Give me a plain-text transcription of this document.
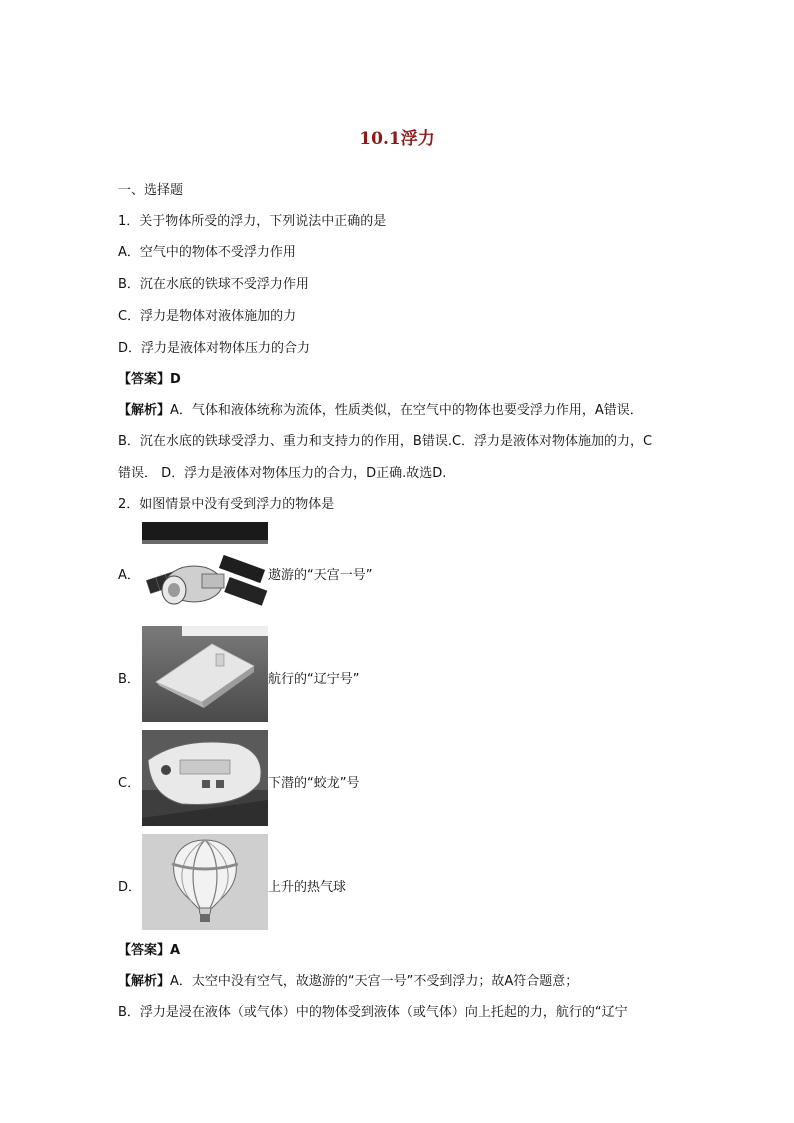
10.1浮力
一、选择题
1．关于物体所受的浮力，下列说法中正确的是
A．空气中的物体不受浮力作用
B．沉在水底的铁球不受浮力作用
C．浮力是物体对液体施加的力
D．浮力是液体对物体压力的合力
【答案】D
【解析】A．气体和液体统称为流体，性质类似，在空气中的物体也要受浮力作用，A错误．
B．沉在水底的铁球受浮力、重力和支持力的作用，B错误.C．浮力是液体对物体施加的力，C
错误． D．浮力是液体对物体压力的合力，D正确.故选D.
2．如图情景中没有受到浮力的物体是
A．	遨游的“天宫一号”
B．	航行的“辽宁号”
C．	下潜的“蛟龙”号
D．	上升的热气球
【答案】A
【解析】A．太空中没有空气，故遨游的“天宫一号”不受到浮力；故A符合题意；
B．浮力是浸在液体（或气体）中的物体受到液体（或气体）向上托起的力，航行的“辽宁
